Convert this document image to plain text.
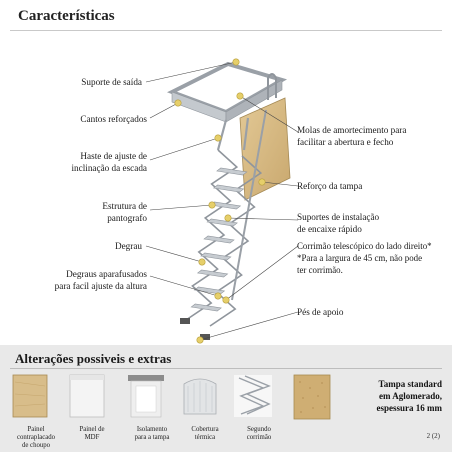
Características
Suporte de saída
Cantos reforçados
Haste de ajuste de
inclinação da escada
Estrutura de
pantografo
Degrau
Degraus aparafusados
para facil ajuste da altura
Molas de amortecimento para
facilitar a abertura e fecho
Reforço da tampa
Suportes de instalação
de encaixe rápido
Corrimão telescópico do lado direito*
*Para a largura de 45 cm, não pode
ter corrimão.
Pés de apoio
Alterações possiveis e extras
Painel
contraplacado
de choupo
Painel de
MDF
Isolamento
para a tampa
Cobertura
térmica
Segundo
corrimão
Tampa standard
em Aglomerado,
espessura 16 mm
2 (2)
